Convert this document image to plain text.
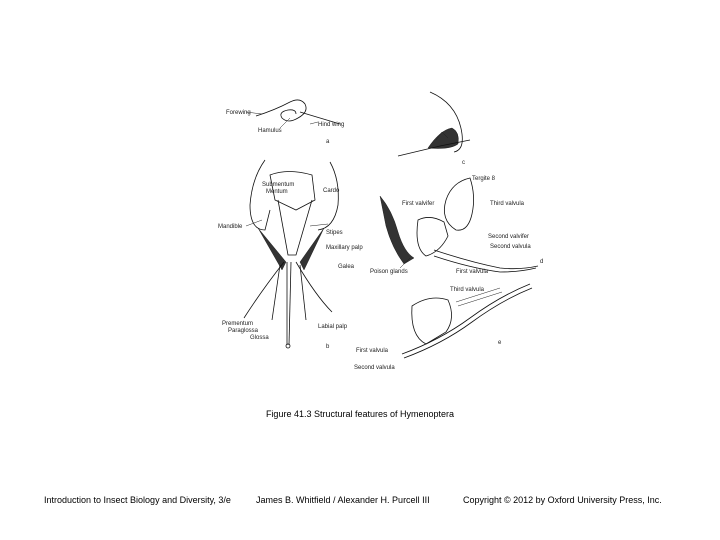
Forewing
Hamulus
Hind wing
a
c
Submentum
Mentum	Cardo
Mandible
Stipes
Maxillary palp
Galea
Prementum
Paraglossa
Glossa
Labial palp
b
Tergite 8
First valvifer	Third valvula
Second valvifer
Second valvula
Poison glands	First valvula
d
Third valvula
First valvula
Second valvula
e
Figure 41.3 Structural features of Hymenoptera
Introduction to Insect Biology and Diversity, 3/e	James B. Whitfield / Alexander H. Purcell III	Copyright © 2012 by Oxford University Press, Inc.
